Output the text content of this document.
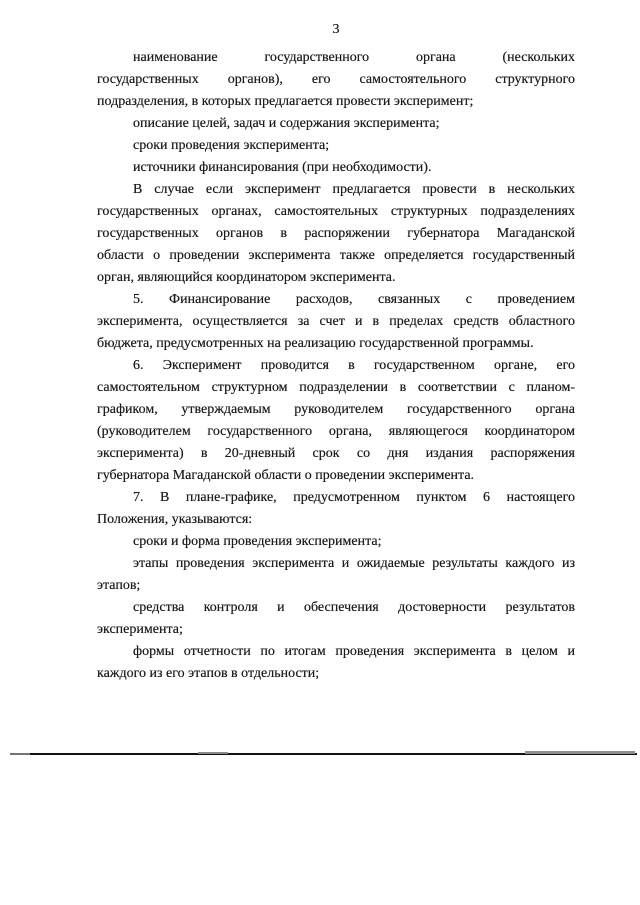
3
наименование государственного органа (нескольких
государственных органов), его самостоятельного структурного
подразделения, в которых предлагается провести эксперимент;
описание целей, задач и содержания эксперимента;
сроки проведения эксперимента;
источники финансирования (при необходимости).
В случае если эксперимент предлагается провести в нескольких
государственных органах, самостоятельных структурных подразделениях
государственных органов в распоряжении губернатора Магаданской
области о проведении эксперимента также определяется государственный
орган, являющийся координатором эксперимента.
5. Финансирование расходов, связанных с проведением
эксперимента, осуществляется за счет и в пределах средств областного
бюджета, предусмотренных на реализацию государственной программы.
6. Эксперимент проводится в государственном органе, его
самостоятельном структурном подразделении в соответствии с планом-
графиком, утверждаемым руководителем государственного органа
(руководителем государственного органа, являющегося координатором
эксперимента) в 20-дневный срок со дня издания распоряжения
губернатора Магаданской области о проведении эксперимента.
7. В плане-графике, предусмотренном пунктом 6 настоящего
Положения, указываются:
сроки и форма проведения эксперимента;
этапы проведения эксперимента и ожидаемые результаты каждого из
этапов;
средства контроля и обеспечения достоверности результатов
эксперимента;
формы отчетности по итогам проведения эксперимента в целом и
каждого из его этапов в отдельности;
